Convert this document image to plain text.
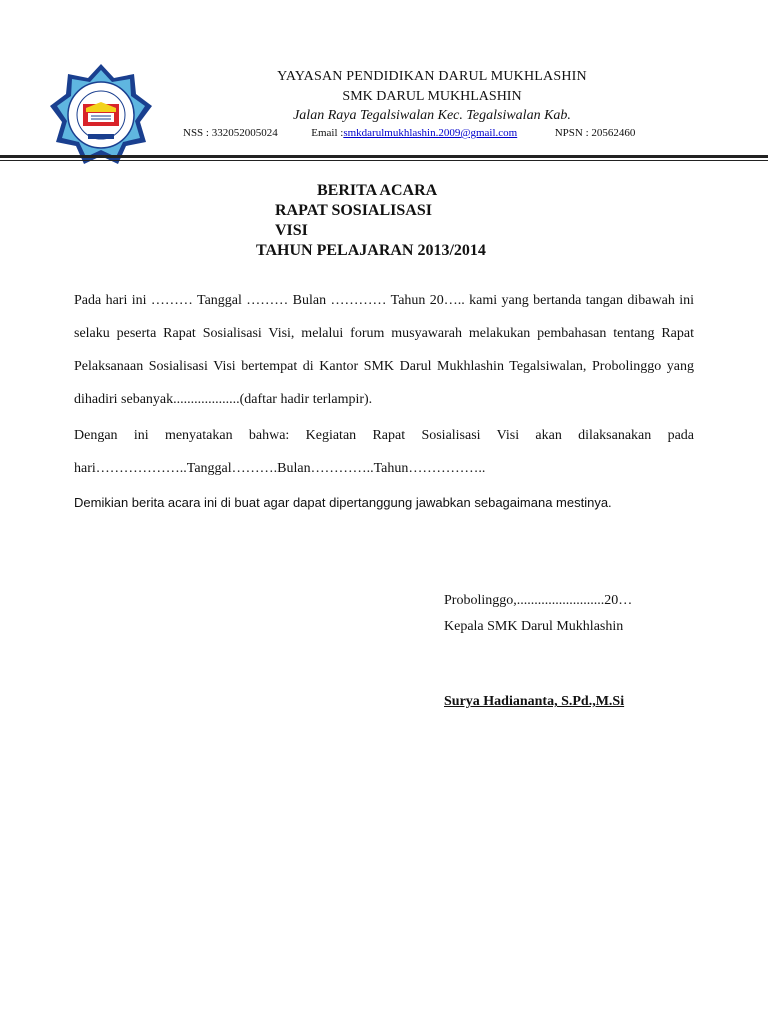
YAYASAN PENDIDIKAN DARUL MUKHLASHIN
SMK DARUL MUKHLASHIN
Jalan Raya Tegalsiwalan Kec. Tegalsiwalan Kab.
NSS : 332052005024	Email :smkdarulmukhlashin.2009@gmail.com	NPSN : 20562460
BERITA ACARA
RAPAT SOSIALISASI
VISI
TAHUN PELAJARAN 2013/2014
Pada hari ini ……… Tanggal ……… Bulan ………… Tahun 20….. kami yang bertanda tangan dibawah ini selaku peserta Rapat Sosialisasi Visi, melalui forum musyawarah melakukan pembahasan tentang Rapat Pelaksanaan Sosialisasi Visi bertempat di Kantor SMK Darul Mukhlashin Tegalsiwalan, Probolinggo yang dihadiri sebanyak...................(daftar hadir terlampir).
Dengan ini menyatakan bahwa: Kegiatan Rapat Sosialisasi Visi akan dilaksanakan pada hari………………..Tanggal……….Bulan…………..Tahun……………..
Demikian berita acara ini di buat agar dapat dipertanggung jawabkan sebagaimana mestinya.
Probolinggo,.........................20…
Kepala SMK Darul Mukhlashin
Surya Hadiananta, S.Pd.,M.Si
